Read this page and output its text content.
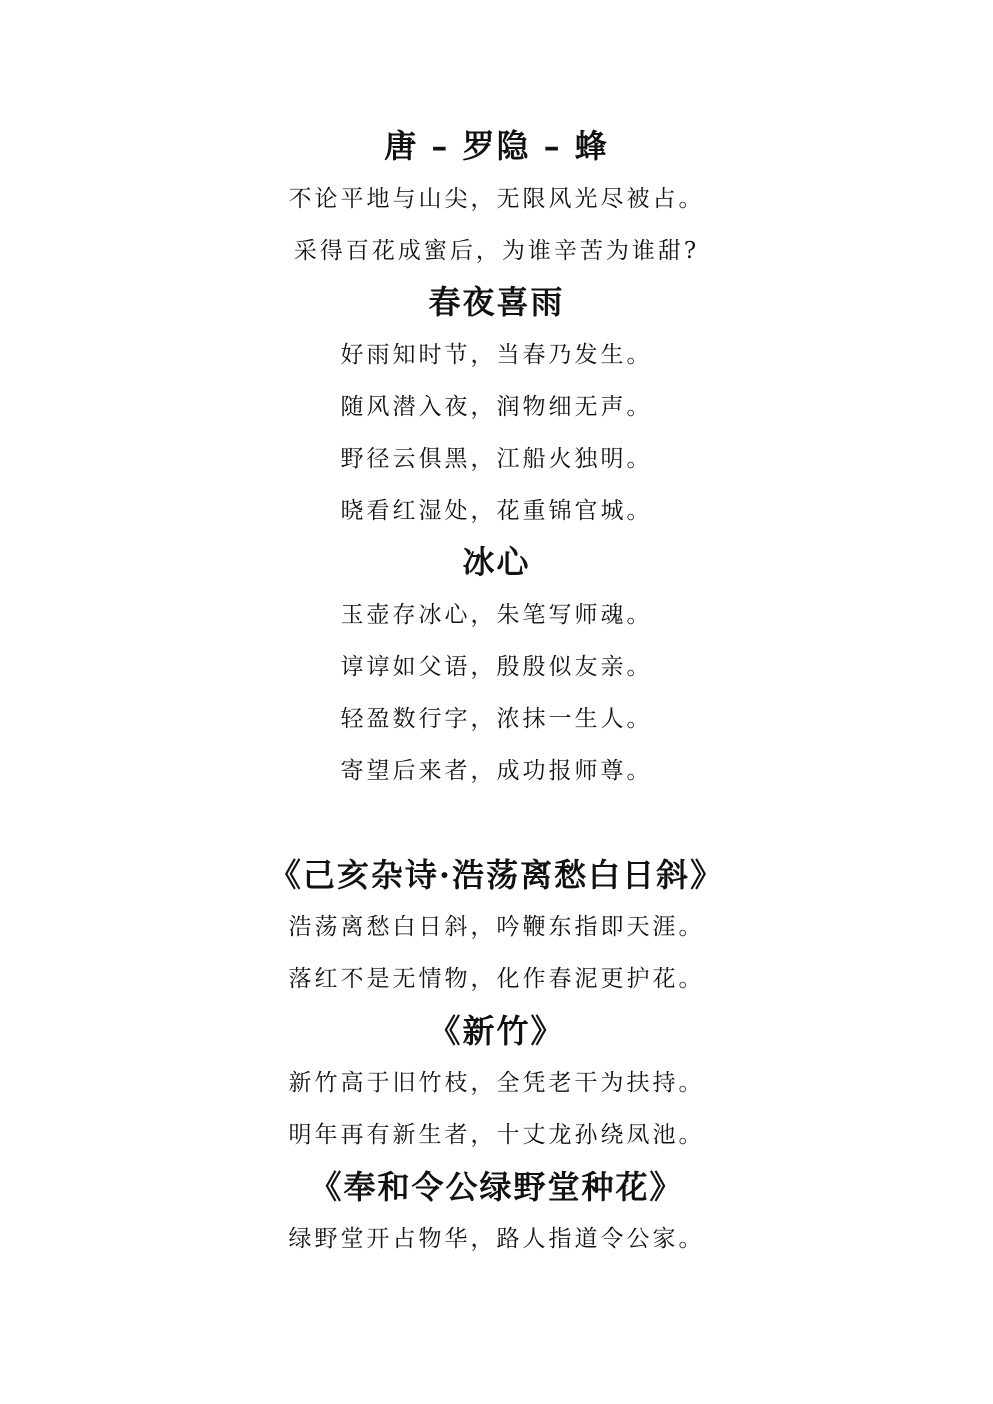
唐 – 罗隐 – 蜂
不论平地与山尖，无限风光尽被占。
采得百花成蜜后，为谁辛苦为谁甜?
春夜喜雨
好雨知时节，当春乃发生。
随风潜入夜，润物细无声。
野径云俱黑，江船火独明。
晓看红湿处，花重锦官城。
冰心
玉壶存冰心，朱笔写师魂。
谆谆如父语，殷殷似友亲。
轻盈数行字，浓抹一生人。
寄望后来者，成功报师尊。
《己亥杂诗·浩荡离愁白日斜》
浩荡离愁白日斜，吟鞭东指即天涯。
落红不是无情物，化作春泥更护花。
《新竹》
新竹高于旧竹枝，全凭老干为扶持。
明年再有新生者，十丈龙孙绕凤池。
《奉和令公绿野堂种花》
绿野堂开占物华，路人指道令公家。
